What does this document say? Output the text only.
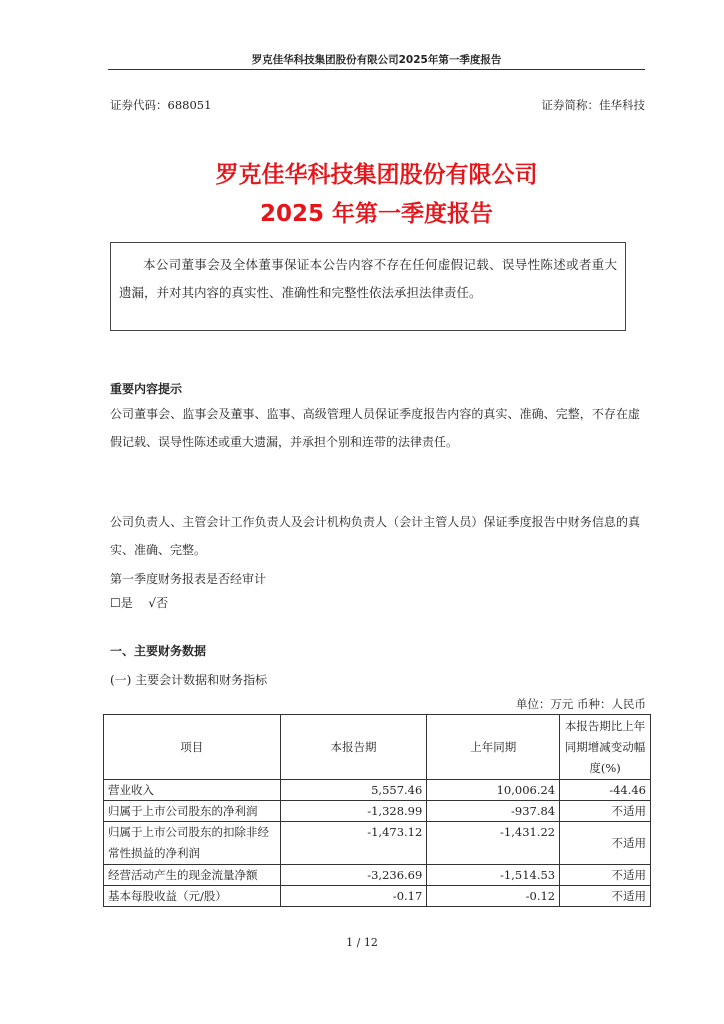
罗克佳华科技集团股份有限公司2025年第一季度报告
证券代码：688051	证券简称：佳华科技
罗克佳华科技集团股份有限公司
2025 年第一季度报告
本公司董事会及全体董事保证本公告内容不存在任何虚假记载、误导性陈述或者重大遗漏，并对其内容的真实性、准确性和完整性依法承担法律责任。
重要内容提示
公司董事会、监事会及董事、监事、高级管理人员保证季度报告内容的真实、准确、完整，不存在虚假记载、误导性陈述或重大遗漏，并承担个别和连带的法律责任。
公司负责人、主管会计工作负责人及会计机构负责人（会计主管人员）保证季度报告中财务信息的真实、准确、完整。
第一季度财务报表是否经审计
☐是 √否
一、主要财务数据
(一) 主要会计数据和财务指标
单位：万元 币种：人民币
项目	本报告期	上年同期	本报告期比上年同期增减变动幅度(%)
营业收入	5,557.46	10,006.24	-44.46
归属于上市公司股东的净利润	-1,328.99	-937.84	不适用
归属于上市公司股东的扣除非经常性损益的净利润	-1,473.12	-1,431.22	不适用
经营活动产生的现金流量净额	-3,236.69	-1,514.53	不适用
基本每股收益（元/股）	-0.17	-0.12	不适用
1 / 12
